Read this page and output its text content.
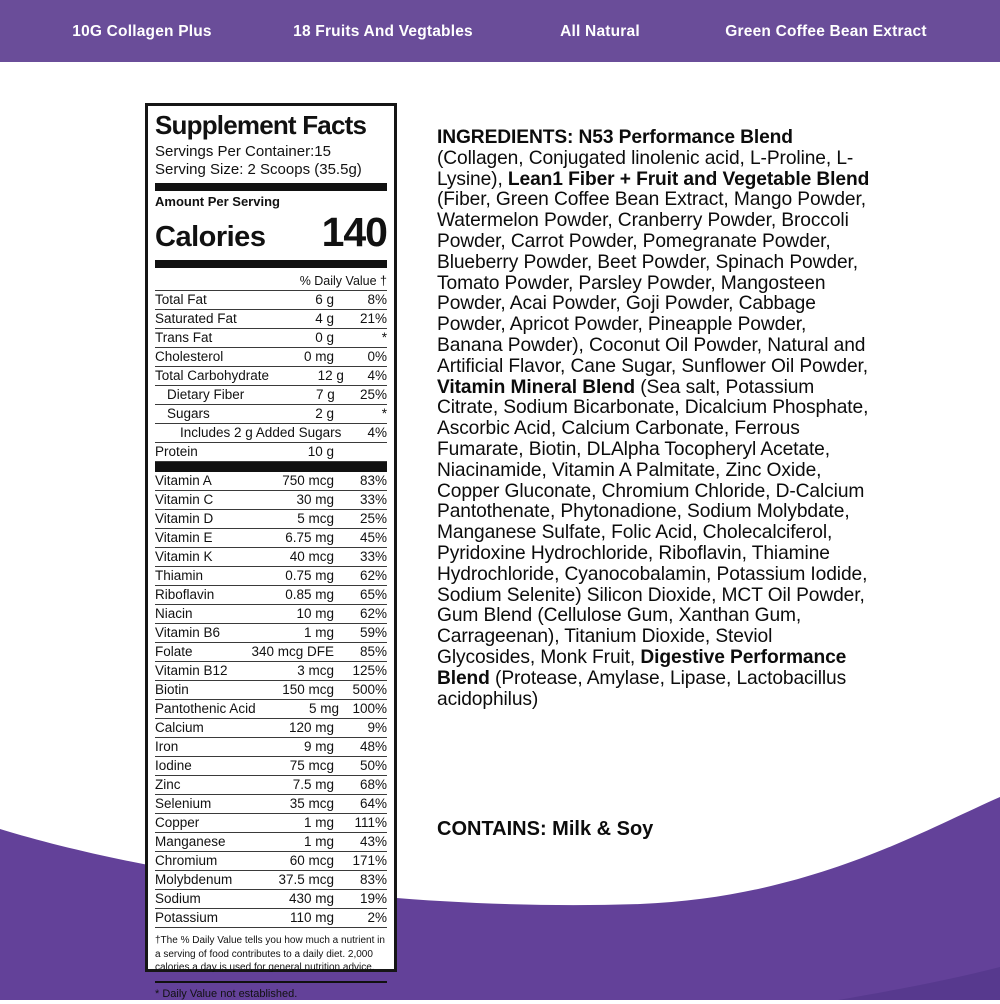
10G Collagen Plus	18 Fruits And Vegtables	All Natural	Green Coffee Bean Extract
Supplement Facts
Servings Per Container:15
Serving Size: 2 Scoops (35.5g)
Amount Per Serving
Calories 140
% Daily Value †
Total Fat	6 g	8%
Saturated Fat	4 g	21%
Trans Fat	0 g	*
Cholesterol	0 mg	0%
Total Carbohydrate	12 g	4%
Dietary Fiber	7 g	25%
Sugars	2 g	*
Includes 2 g Added Sugars 4%
Protein	10 g
Vitamin A	750 mcg	83%
Vitamin C	30 mg	33%
Vitamin D	5 mcg	25%
Vitamin E	6.75 mg	45%
Vitamin K	40 mcg	33%
Thiamin	0.75 mg	62%
Riboflavin	0.85 mg	65%
Niacin	10 mg	62%
Vitamin B6	1 mg	59%
Folate	340 mcg DFE	85%
Vitamin B12	3 mcg	125%
Biotin	150 mcg	500%
Pantothenic Acid	5 mg	100%
Calcium	120 mg	9%
Iron	9 mg	48%
Iodine	75 mcg	50%
Zinc	7.5 mg	68%
Selenium	35 mcg	64%
Copper	1 mg	111%
Manganese	1 mg	43%
Chromium	60 mcg	171%
Molybdenum	37.5 mcg	83%
Sodium	430 mg	19%
Potassium	110 mg	2%
†The % Daily Value tells you how much a nutrient in a serving of food contributes to a daily diet. 2,000 calories a day is used for general nutrition advice.
* Daily Value not established.
INGREDIENTS: N53 Performance Blend (Collagen, Conjugated linolenic acid, L-Proline, L-Lysine), Lean1 Fiber + Fruit and Vegetable Blend (Fiber, Green Coffee Bean Extract, Mango Powder, Watermelon Powder, Cranberry Powder, Broccoli Powder, Carrot Powder, Pomegranate Powder, Blueberry Powder, Beet Powder, Spinach Powder, Tomato Powder, Parsley Powder, Mangosteen Powder, Acai Powder, Goji Powder, Cabbage Powder, Apricot Powder, Pineapple Powder, Banana Powder), Coconut Oil Powder, Natural and Artificial Flavor, Cane Sugar, Sunflower Oil Powder, Vitamin Mineral Blend (Sea salt, Potassium Citrate, Sodium Bicarbonate, Dicalcium Phosphate, Ascorbic Acid, Calcium Carbonate, Ferrous Fumarate, Biotin, DLAlpha Tocopheryl Acetate, Niacinamide, Vitamin A Palmitate, Zinc Oxide, Copper Gluconate, Chromium Chloride, D-Calcium Pantothenate, Phytonadione, Sodium Molybdate, Manganese Sulfate, Folic Acid, Cholecalciferol, Pyridoxine Hydrochloride, Riboflavin, Thiamine Hydrochloride, Cyanocobalamin, Potassium Iodide, Sodium Selenite) Silicon Dioxide, MCT Oil Powder, Gum Blend (Cellulose Gum, Xanthan Gum, Carrageenan), Titanium Dioxide, Steviol Glycosides, Monk Fruit, Digestive Performance Blend (Protease, Amylase, Lipase, Lactobacillus acidophilus)

CONTAINS: Milk & Soy
